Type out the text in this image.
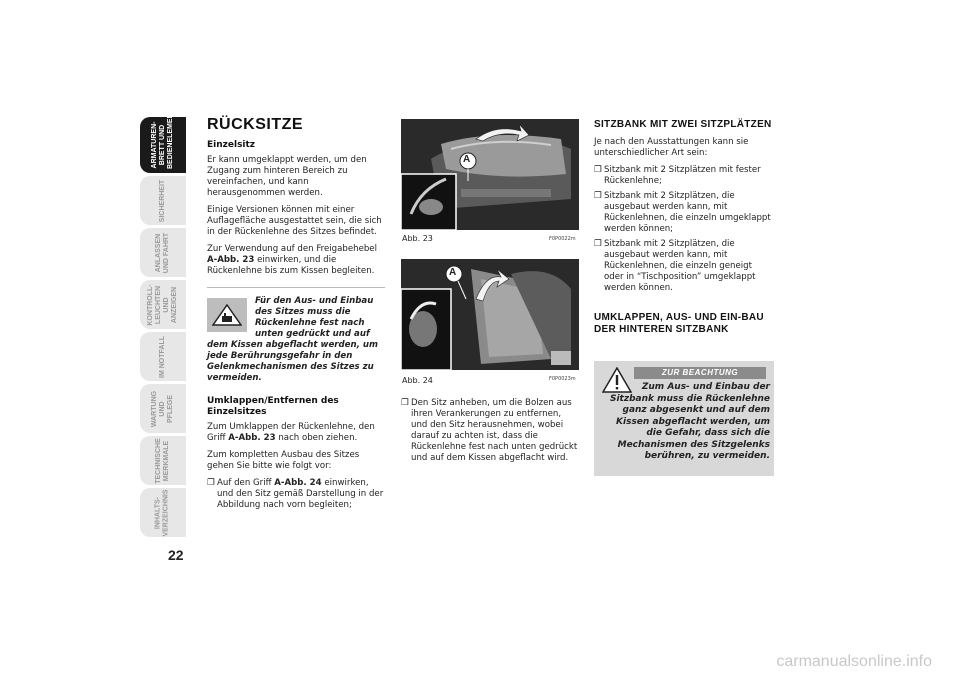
ARMATUREN-
BRETT UND
BEDIENELEMENTE
SICHERHEIT
ANLASSEN
UND FAHRT
KONTROLL-
LEUCHTEN UND
ANZEIGEN
IM NOTFALL
WARTUNG UND
PFLEGE
TECHNISCHE
MERKMALE
INHALTS-
VERZEICHNIS
22
RÜCKSITZE
Einzelsitz

Er kann umgeklappt werden, um den Zugang zum hinteren Bereich zu vereinfachen, und kann herausgenommen werden.

Einige Versionen können mit einer Auflagefläche ausgestattet sein, die sich in der Rückenlehne des Sitzes befindet.

Zur Verwendung auf den Freigabehebel A-Abb. 23 einwirken, und die Rückenlehne bis zum Kissen begleiten.

Für den Aus- und Einbau des Sitzes muss die Rückenlehne fest nach unten gedrückt und auf dem Kissen abgeflacht werden, um jede Berührungsgefahr in den Gelenkmechanismen des Sitzes zu vermeiden.
Umklappen/Entfernen des Einzelsitzes

Zum Umklappen der Rückenlehne, den Griff A-Abb. 23 nach oben ziehen.

Zum kompletten Ausbau des Sitzes gehen Sie bitte wie folgt vor:

❐ Auf den Griff A-Abb. 24 einwirken, und den Sitz gemäß Darstellung in der Abbildung nach vorn begleiten;
A
Abb. 23	F0P0022m
A
Abb. 24	F0P0023m
❐ Den Sitz anheben, um die Bolzen aus ihren Verankerungen zu entfernen, und den Sitz herausnehmen, wobei darauf zu achten ist, dass die Rückenlehne fest nach unten gedrückt und auf dem Kissen abgeflacht wird.
SITZBANK MIT ZWEI SITZPLÄTZEN

Je nach den Ausstattungen kann sie unterschiedlicher Art sein:

❐ Sitzbank mit 2 Sitzplätzen mit fester Rückenlehne;
❐ Sitzbank mit 2 Sitzplätzen, die ausgebaut werden kann, mit Rückenlehnen, die einzeln umgeklappt werden können;
❐ Sitzbank mit 2 Sitzplätzen, die ausgebaut werden kann, mit Rückenlehnen, die einzeln geneigt oder in “Tischposition” umgeklappt werden können.
UMKLAPPEN, AUS- UND EIN-BAU DER HINTEREN SITZBANK
ZUR BEACHTUNG
Zum Aus- und Einbau der Sitzbank muss die Rückenlehne ganz abgesenkt und auf dem Kissen abgeflacht werden, um die Gefahr, dass sich die Mechanismen des Sitzgelenks berühren, zu vermeiden.
carmanualsonline.info
